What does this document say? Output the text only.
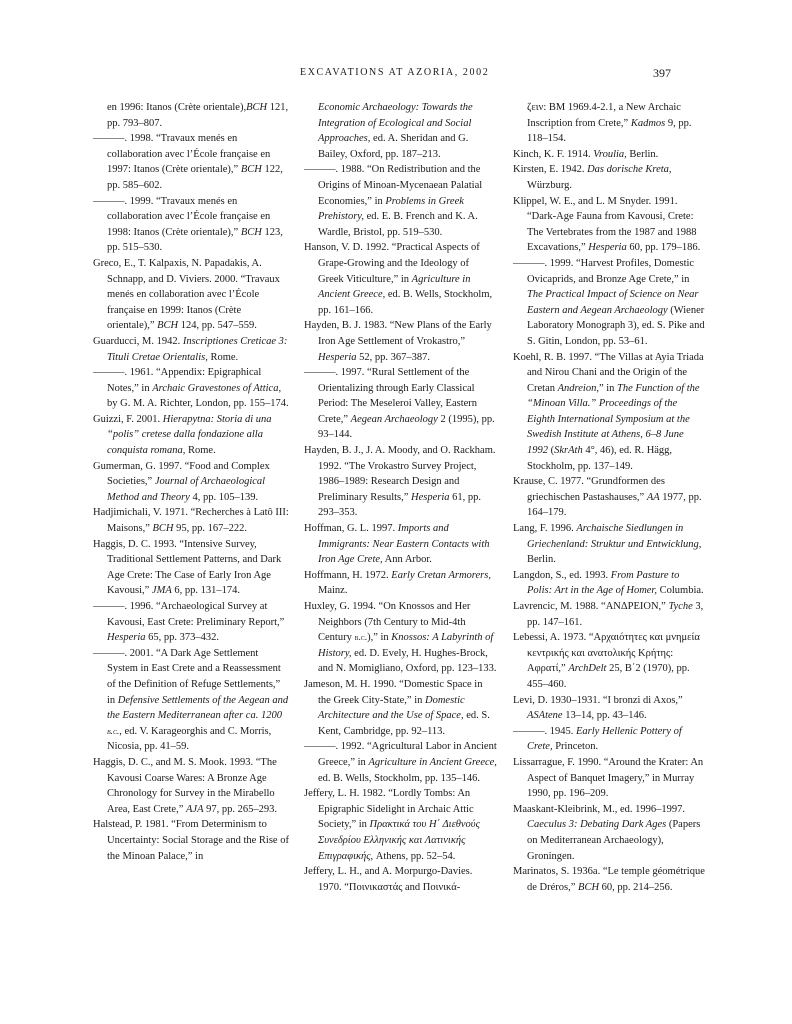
EXCAVATIONS AT AZORIA, 2002	397

en 1996: Itanos (Crète orientale),BCH 121, pp. 793–807.

———. 1998. “Travaux menés en collaboration avec l’École française en 1997: Itanos (Crète orientale),” BCH 122, pp. 585–602.

———. 1999. “Travaux menés en collaboration avec l’École française en 1998: Itanos (Crète orientale),” BCH 123, pp. 515–530.

Greco, E., T. Kalpaxis, N. Papadakis, A. Schnapp, and D. Viviers. 2000. “Travaux menés en collaboration avec l’École française en 1999: Itanos (Crète orientale),” BCH 124, pp. 547–559.

Guarducci, M. 1942. Inscriptiones Creticae 3: Tituli Cretae Orientalis, Rome.

———. 1961. “Appendix: Epigraphical Notes,” in Archaic Gravestones of Attica, by G. M. A. Richter, London, pp. 155–174.

Guizzi, F. 2001. Hierapytna: Storia di una “polis” cretese dalla fondazione alla conquista romana, Rome.

Gumerman, G. 1997. “Food and Complex Societies,” Journal of Archaeological Method and Theory 4, pp. 105–139.

Hadjimichali, V. 1971. “Recherches à Latô III: Maisons,” BCH 95, pp. 167–222.

Haggis, D. C. 1993. “Intensive Survey, Traditional Settlement Patterns, and Dark Age Crete: The Case of Early Iron Age Kavousi,” JMA 6, pp. 131–174.

———. 1996. “Archaeological Survey at Kavousi, East Crete: Preliminary Report,” Hesperia 65, pp. 373–432.

———. 2001. “A Dark Age Settlement System in East Crete and a Reassessment of the Definition of Refuge Settlements,” in Defensive Settlements of the Aegean and the Eastern Mediterranean after ca. 1200 b.c., ed. V. Karageorghis and C. Morris, Nicosia, pp. 41–59.

Haggis, D. C., and M. S. Mook. 1993. “The Kavousi Coarse Wares: A Bronze Age Chronology for Survey in the Mirabello Area, East Crete,” AJA 97, pp. 265–293.

Halstead, P. 1981. “From Determinism to Uncertainty: Social Storage and the Rise of the Minoan Palace,” in

Economic Archaeology: Towards the Integration of Ecological and Social Approaches, ed. A. Sheridan and G. Bailey, Oxford, pp. 187–213.

———. 1988. “On Redistribution and the Origins of Minoan-Mycenaean Palatial Economies,” in Problems in Greek Prehistory, ed. E. B. French and K. A. Wardle, Bristol, pp. 519–530.

Hanson, V. D. 1992. “Practical Aspects of Grape-Growing and the Ideology of Greek Viticulture,” in Agriculture in Ancient Greece, ed. B. Wells, Stockholm, pp. 161–166.

Hayden, B. J. 1983. “New Plans of the Early Iron Age Settlement of Vrokastro,” Hesperia 52, pp. 367–387.

———. 1997. “Rural Settlement of the Orientalizing through Early Classical Period: The Meseleroi Valley, Eastern Crete,” Aegean Archaeology 2 (1995), pp. 93–144.

Hayden, B. J., J. A. Moody, and O. Rackham. 1992. “The Vrokastro Survey Project, 1986–1989: Research Design and Preliminary Results,” Hesperia 61, pp. 293–353.

Hoffman, G. L. 1997. Imports and Immigrants: Near Eastern Contacts with Iron Age Crete, Ann Arbor.

Hoffmann, H. 1972. Early Cretan Armorers, Mainz.

Huxley, G. 1994. “On Knossos and Her Neighbors (7th Century to Mid-4th Century b.c.),” in Knossos: A Labyrinth of History, ed. D. Evely, H. Hughes-Brock, and N. Momigliano, Oxford, pp. 123–133.

Jameson, M. H. 1990. “Domestic Space in the Greek City-State,” in Domestic Architecture and the Use of Space, ed. S. Kent, Cambridge, pp. 92–113.

———. 1992. “Agricultural Labor in Ancient Greece,” in Agriculture in Ancient Greece, ed. B. Wells, Stockholm, pp. 135–146.

Jeffery, L. H. 1982. “Lordly Tombs: An Epigraphic Sidelight in Archaic Attic Society,” in Πρακτικά του Η΄ Διεθνούς Συνεδρίου Ελληνικής και Λατινικής Επιγραφικής, Athens, pp. 52–54.

Jeffery, L. H., and A. Morpurgo-Davies. 1970. “Ποινικαστάς and Ποινικά-

ζειν: BM 1969.4-2.1, a New Archaic Inscription from Crete,” Kadmos 9, pp. 118–154.

Kinch, K. F. 1914. Vroulia, Berlin.

Kirsten, E. 1942. Das dorische Kreta, Würzburg.

Klippel, W. E., and L. M Snyder. 1991. “Dark-Age Fauna from Kavousi, Crete: The Vertebrates from the 1987 and 1988 Excavations,” Hesperia 60, pp. 179–186.

———. 1999. “Harvest Profiles, Domestic Ovicaprids, and Bronze Age Crete,” in The Practical Impact of Science on Near Eastern and Aegean Archaeology (Wiener Laboratory Monograph 3), ed. S. Pike and S. Gitin, London, pp. 53–61.

Koehl, R. B. 1997. “The Villas at Ayia Triada and Nirou Chani and the Origin of the Cretan Andreion,” in The Function of the “Minoan Villa.” Proceedings of the Eighth International Symposium at the Swedish Institute at Athens, 6–8 June 1992 (SkrAth 4°, 46), ed. R. Hägg, Stockholm, pp. 137–149.

Krause, C. 1977. “Grundformen des griechischen Pastashauses,” AA 1977, pp. 164–179.

Lang, F. 1996. Archaische Siedlungen in Griechenland: Struktur und Entwicklung, Berlin.

Langdon, S., ed. 1993. From Pasture to Polis: Art in the Age of Homer, Columbia.

Lavrencic, M. 1988. “ΑΝΔΡΕΙΟΝ,” Tyche 3, pp. 147–161.

Lebessi, A. 1973. “Αρχαιότητες και μνημεία κεντρικής και ανατολικής Κρήτης: Αφρατί,” ArchDelt 25, Β΄2 (1970), pp. 455–460.

Levi, D. 1930–1931. “I bronzi di Axos,” ASAtene 13–14, pp. 43–146.

———. 1945. Early Hellenic Pottery of Crete, Princeton.

Lissarrague, F. 1990. “Around the Krater: An Aspect of Banquet Imagery,” in Murray 1990, pp. 196–209.

Maaskant-Kleibrink, M., ed. 1996–1997. Caeculus 3: Debating Dark Ages (Papers on Mediterranean Archaeology), Groningen.

Marinatos, S. 1936a. “Le temple géométrique de Dréros,” BCH 60, pp. 214–256.
